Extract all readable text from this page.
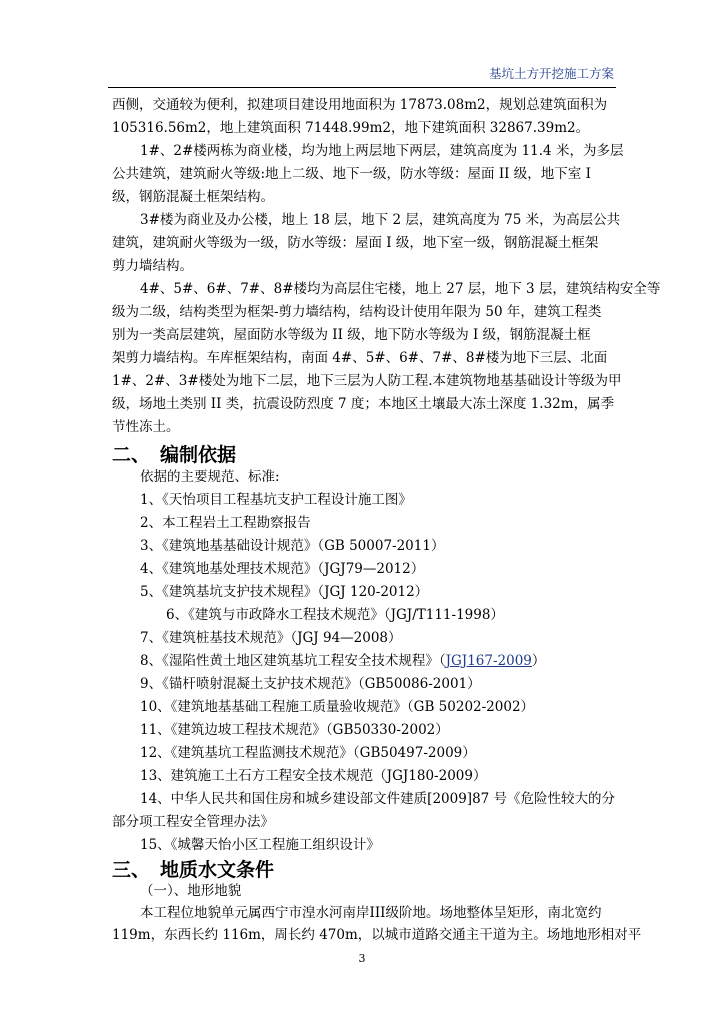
基坑土方开挖施工方案
西侧，交通较为便利，拟建项目建设用地面积为 17873.08m2，规划总建筑面积为
105316.56m2，地上建筑面积 71448.99m2，地下建筑面积 32867.39m2。
1#、2#楼两栋为商业楼，均为地上两层地下两层，建筑高度为 11.4 米，为多层
公共建筑，建筑耐火等级:地上二级、地下一级，防水等级：屋面 II 级，地下室 I
级，钢筋混凝土框架结构。
3#楼为商业及办公楼，地上 18 层，地下 2 层，建筑高度为 75 米，为高层公共
建筑，建筑耐火等级为一级，防水等级：屋面 I 级，地下室一级，钢筋混凝土框架
剪力墙结构。
4#、5#、6#、7#、8#楼均为高层住宅楼，地上 27 层，地下 3 层，建筑结构安全等
级为二级，结构类型为框架-剪力墙结构，结构设计使用年限为 50 年，建筑工程类
别为一类高层建筑，屋面防水等级为 II 级，地下防水等级为 I 级，钢筋混凝土框
架剪力墙结构。车库框架结构，南面 4#、5#、6#、7#、8#楼为地下三层、北面
1#、2#、3#楼处为地下二层，地下三层为人防工程.本建筑物地基基础设计等级为甲
级，场地土类别 II 类，抗震设防烈度 7 度；本地区土壤最大冻土深度 1.32m，属季
节性冻土。
二、 编制依据
依据的主要规范、标准:
1、《天怡项目工程基坑支护工程设计施工图》
2、本工程岩土工程勘察报告
3、《建筑地基基础设计规范》（GB 50007-2011）
4、《建筑地基处理技术规范》（JGJ79—2012）
5、《建筑基坑支护技术规程》（JGJ 120-2012）
6、《建筑与市政降水工程技术规范》（JGJ/T111-1998）
7、《建筑桩基技术规范》（JGJ 94—2008）
8、《湿陷性黄土地区建筑基坑工程安全技术规程》（JGJ167-2009）
9、《锚杆喷射混凝土支护技术规范》（GB50086-2001）
10、《建筑地基基础工程施工质量验收规范》（GB 50202-2002）
11、《建筑边坡工程技术规范》（GB50330-2002）
12、《建筑基坑工程监测技术规范》（GB50497-2009）
13、建筑施工土石方工程安全技术规范（JGJ180-2009）
14、中华人民共和国住房和城乡建设部文件建质[2009]87 号《危险性较大的分
部分项工程安全管理办法》
15、《城馨天怡小区工程施工组织设计》
三、 地质水文条件
（一）、地形地貌
本工程位地貌单元属西宁市湟水河南岸III级阶地。场地整体呈矩形，南北宽约
119m，东西长约 116m，周长约 470m，以城市道路交通主干道为主。场地地形相对平
3
